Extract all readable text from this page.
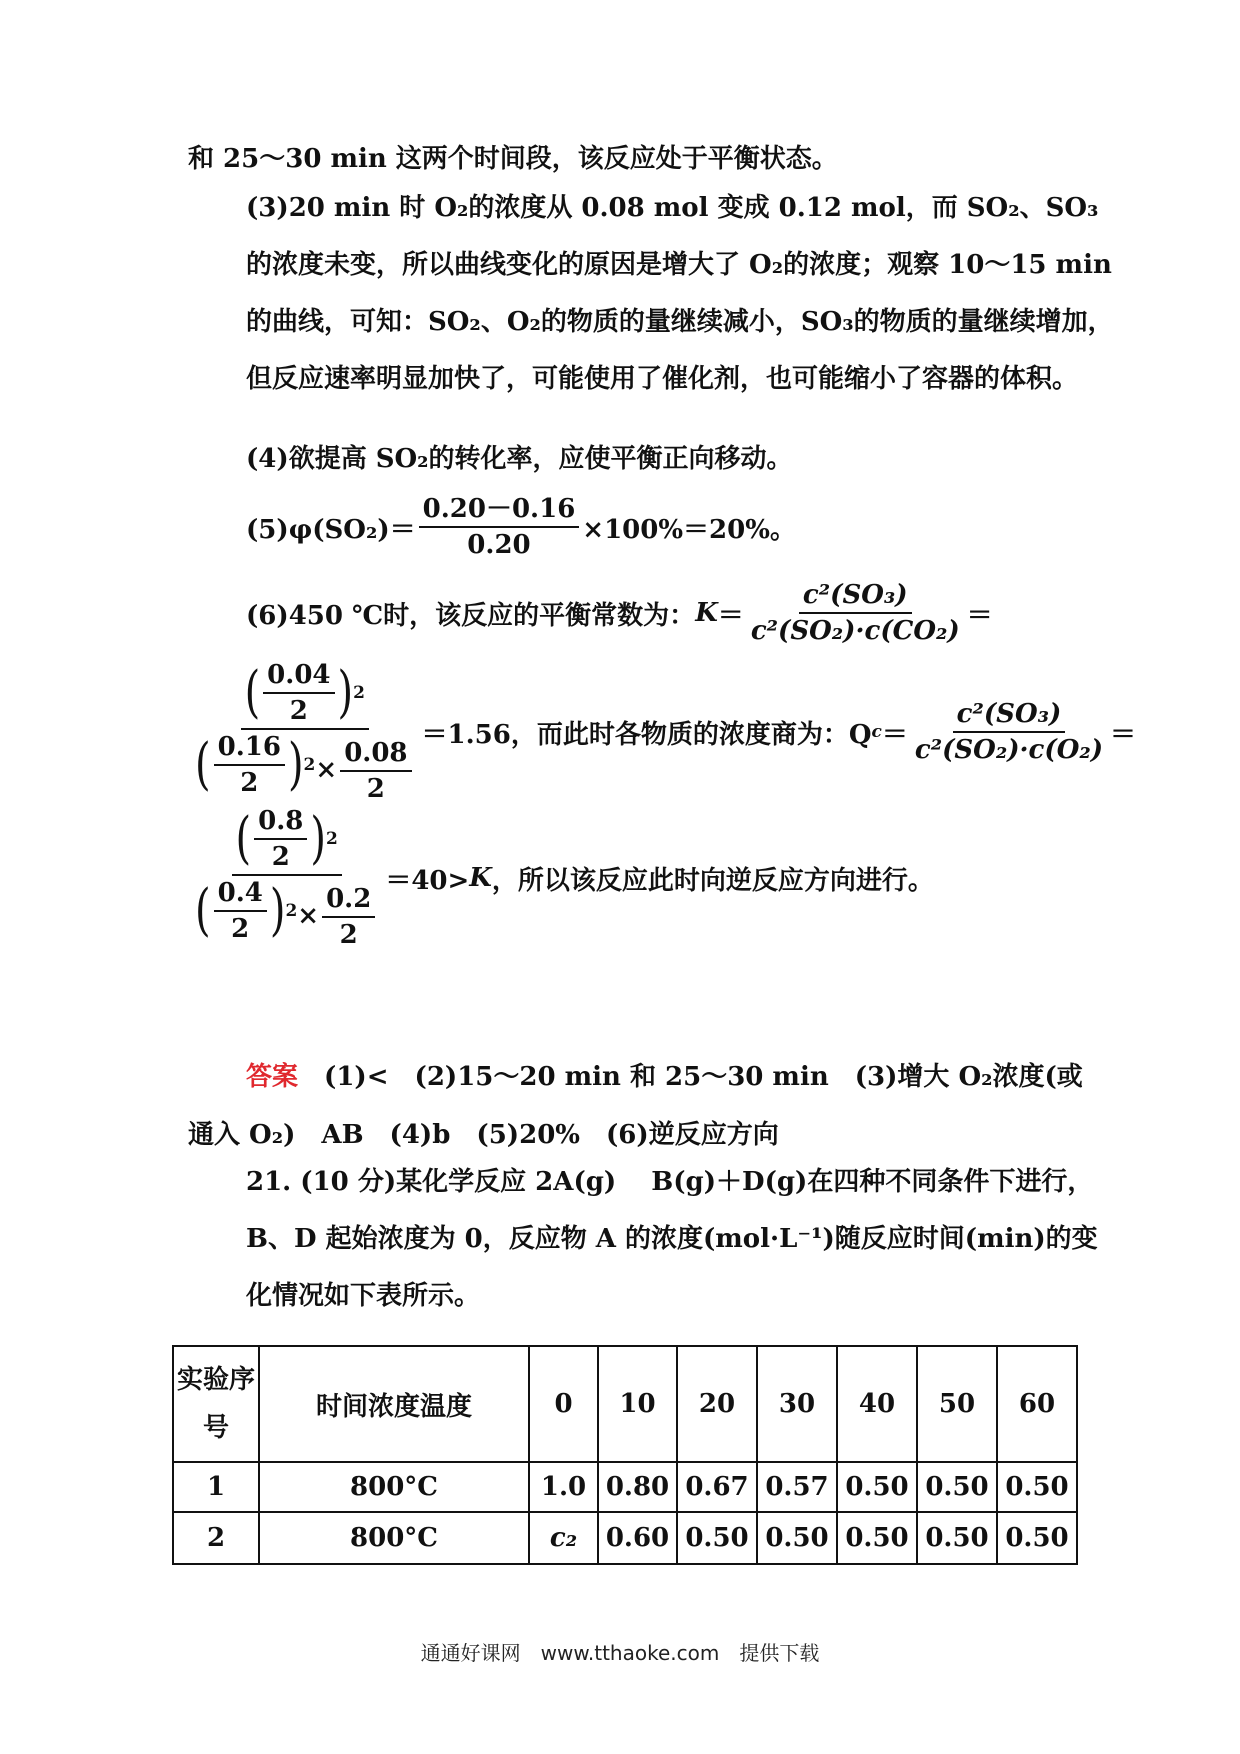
和 25～30 min 这两个时间段，该反应处于平衡状态。
(3)20 min 时 O₂的浓度从 0.08 mol 变成 0.12 mol，而 SO₂、SO₃的浓度未变，所以曲线变化的原因是增大了 O₂的浓度；观察 10～15 min 的曲线，可知：SO₂、O₂的物质的量继续减小，SO₃的物质的量继续增加，但反应速率明显加快了，可能使用了催化剂，也可能缩小了容器的体积。
(4)欲提高 SO₂的转化率，应使平衡正向移动。
$(5)\varphi(SO_2)= \frac{0.20-0.16}{0.20} \times 100\%=20\%$。
(6)450 ℃时，该反应的平衡常数为： $K = \frac{\text{c²(SO₃)}}{\text{c²(SO₂)·c(CO₂)}}$ ＝
( $\frac{0.04}{2}$ ) 2
( $\frac{0.16}{2}$ ) $2 \times \frac{0.08}{2}$
＝1.56，而此时各物质的浓度商为：Q $c = \frac{\text{c²(SO₃)}}{\text{c²(SO₂)·c(O₂)}}$ ＝
( $\frac{0.8}{2}$ ) 2
( $\frac{0.4}{2}$ ) $2 \times \frac{0.2}{2}$
＝40> K ，所以该反应此时向逆反应方向进行。
答案　 (1)<　(2)15～20 min 和 25～30 min　(3)增大 O₂浓度(或
通入 O₂)　AB　(4)b　(5)20%　(6)逆反应方向
21. (10 分)某化学反应 2A(g)　 B(g)＋D(g)在四种不同条件下进行，B、D 起始浓度为 0，反应物 A 的浓度(mol·L⁻¹)随反应时间(min)的变化情况如下表所示。
实验序号	时间浓度温度	0	10	20	30	40	50	60
1	800°C	1.0	0.80	0.67	0.57	0.50	0.50	0.50
2	800°C	c₂	0.60	0.50	0.50	0.50	0.50	0.50
通通好课网　www.tthaoke.com　提供下载
